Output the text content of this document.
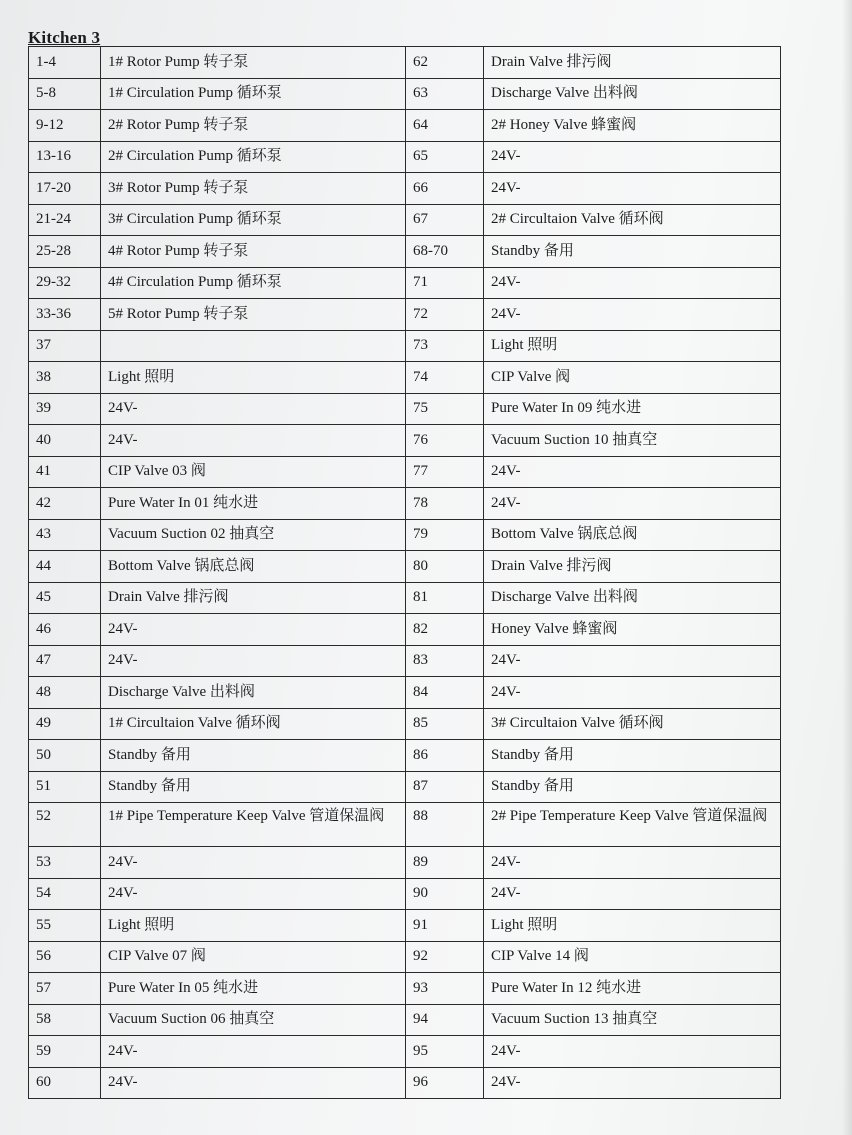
Kitchen 3
1-4	1# Rotor Pump 转子泵	62	Drain Valve 排污阀
5-8	1# Circulation Pump 循环泵	63	Discharge Valve 出料阀
9-12	2# Rotor Pump 转子泵	64	2# Honey Valve 蜂蜜阀
13-16	2# Circulation Pump 循环泵	65	24V-
17-20	3# Rotor Pump 转子泵	66	24V-
21-24	3# Circulation Pump 循环泵	67	2# Circultaion Valve 循环阀
25-28	4# Rotor Pump 转子泵	68-70	Standby 备用
29-32	4# Circulation Pump 循环泵	71	24V-
33-36	5# Rotor Pump 转子泵	72	24V-
37		73	Light 照明
38	Light 照明	74	CIP Valve 阀
39	24V-	75	Pure Water In 09 纯水进
40	24V-	76	Vacuum Suction 10 抽真空
41	CIP Valve 03 阀	77	24V-
42	Pure Water In 01 纯水进	78	24V-
43	Vacuum Suction 02 抽真空	79	Bottom Valve 锅底总阀
44	Bottom Valve 锅底总阀	80	Drain Valve 排污阀
45	Drain Valve 排污阀	81	Discharge Valve 出料阀
46	24V-	82	Honey Valve 蜂蜜阀
47	24V-	83	24V-
48	Discharge Valve 出料阀	84	24V-
49	1# Circultaion Valve 循环阀	85	3# Circultaion Valve 循环阀
50	Standby 备用	86	Standby 备用
51	Standby 备用	87	Standby 备用
52	1# Pipe Temperature Keep Valve 管道保温阀	88	2# Pipe Temperature Keep Valve 管道保温阀
53	24V-	89	24V-
54	24V-	90	24V-
55	Light 照明	91	Light 照明
56	CIP Valve 07 阀	92	CIP Valve 14 阀
57	Pure Water In 05 纯水进	93	Pure Water In 12 纯水进
58	Vacuum Suction 06 抽真空	94	Vacuum Suction 13 抽真空
59	24V-	95	24V-
60	24V-	96	24V-
